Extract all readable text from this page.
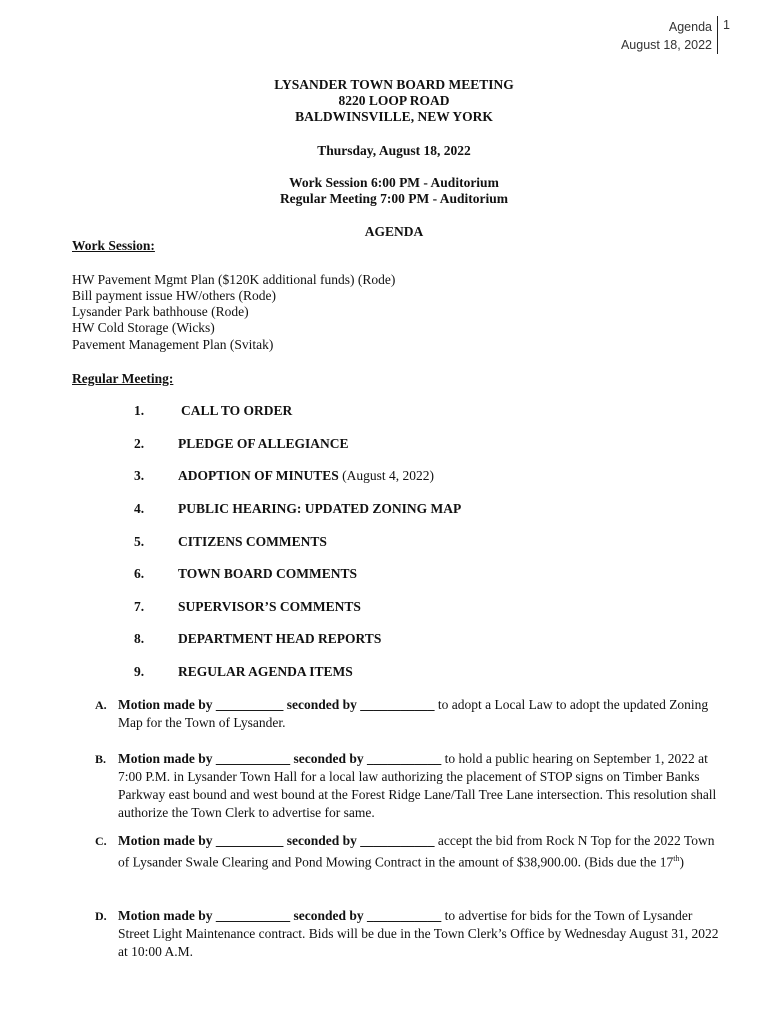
Agenda
August 18, 2022
1
LYSANDER TOWN BOARD MEETING
8220 LOOP ROAD
BALDWINSVILLE, NEW YORK
Thursday, August 18, 2022
Work Session 6:00 PM - Auditorium
Regular Meeting 7:00 PM - Auditorium
AGENDA
Work Session:
HW Pavement Mgmt Plan ($120K additional funds) (Rode)
Bill payment issue HW/others (Rode)
Lysander Park bathhouse (Rode)
HW Cold Storage (Wicks)
Pavement Management Plan (Svitak)
Regular Meeting:
1.	CALL TO ORDER
2.	PLEDGE OF ALLEGIANCE
3.	ADOPTION OF MINUTES (August 4, 2022)
4.	PUBLIC HEARING: UPDATED ZONING MAP
5.	CITIZENS COMMENTS
6.	TOWN BOARD COMMENTS
7.	SUPERVISOR’S COMMENTS
8.	DEPARTMENT HEAD REPORTS
9.	REGULAR AGENDA ITEMS
A. Motion made by __________ seconded by ___________ to adopt a Local Law to adopt the updated Zoning Map for the Town of Lysander.
B. Motion made by ___________ seconded by ___________ to hold a public hearing on September 1, 2022 at 7:00 P.M. in Lysander Town Hall for a local law authorizing the placement of STOP signs on Timber Banks Parkway east bound and west bound at the Forest Ridge Lane/Tall Tree Lane intersection. This resolution shall authorize the Town Clerk to advertise for same.
C. Motion made by __________ seconded by ___________ accept the bid from Rock N Top for the 2022 Town of Lysander Swale Clearing and Pond Mowing Contract in the amount of $38,900.00. (Bids due the 17th)
D. Motion made by ___________ seconded by ___________ to advertise for bids for the Town of Lysander Street Light Maintenance contract. Bids will be due in the Town Clerk’s Office by Wednesday August 31, 2022 at 10:00 A.M.
